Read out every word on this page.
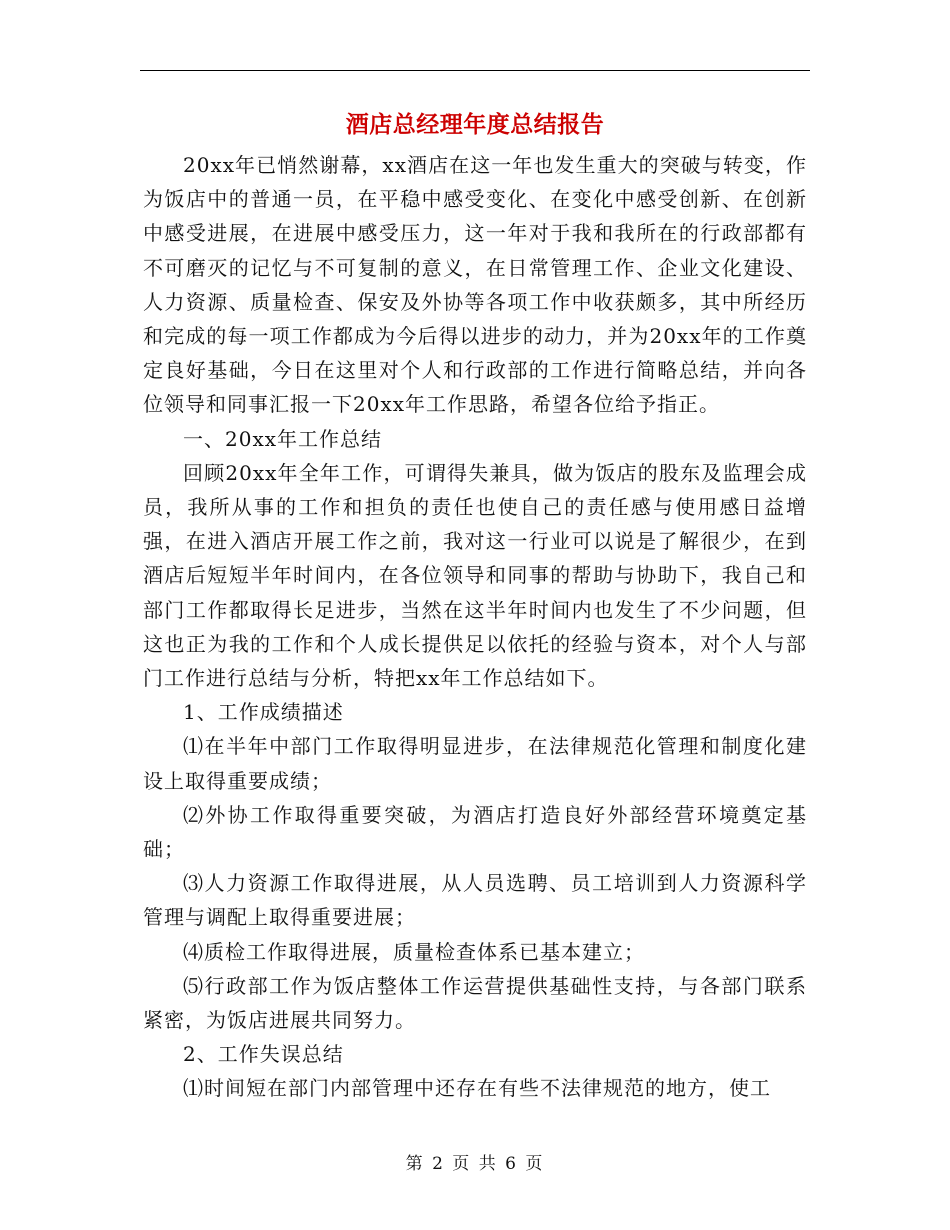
酒店总经理年度总结报告

20xx年已悄然谢幕，xx酒店在这一年也发生重大的突破与转变，作为饭店中的普通一员，在平稳中感受变化、在变化中感受创新、在创新中感受进展，在进展中感受压力，这一年对于我和我所在的行政部都有不可磨灭的记忆与不可复制的意义，在日常管理工作、企业文化建设、人力资源、质量检查、保安及外协等各项工作中收获颇多，其中所经历和完成的每一项工作都成为今后得以进步的动力，并为20xx年的工作奠定良好基础，今日在这里对个人和行政部的工作进行简略总结，并向各位领导和同事汇报一下20xx年工作思路，希望各位给予指正。

一、20xx年工作总结

回顾20xx年全年工作，可谓得失兼具，做为饭店的股东及监理会成员，我所从事的工作和担负的责任也使自己的责任感与使用感日益增强，在进入酒店开展工作之前，我对这一行业可以说是了解很少，在到酒店后短短半年时间内，在各位领导和同事的帮助与协助下，我自己和部门工作都取得长足进步，当然在这半年时间内也发生了不少问题，但这也正为我的工作和个人成长提供足以依托的经验与资本，对个人与部门工作进行总结与分析，特把xx年工作总结如下。

1、工作成绩描述

⑴在半年中部门工作取得明显进步，在法律规范化管理和制度化建设上取得重要成绩；

⑵外协工作取得重要突破，为酒店打造良好外部经营环境奠定基础；

⑶人力资源工作取得进展，从人员选聘、员工培训到人力资源科学管理与调配上取得重要进展；

⑷质检工作取得进展，质量检查体系已基本建立；

⑸行政部工作为饭店整体工作运营提供基础性支持，与各部门联系紧密，为饭店进展共同努力。

2、工作失误总结

⑴时间短在部门内部管理中还存在有些不法律规范的地方，使工

第 2 页 共 6 页
